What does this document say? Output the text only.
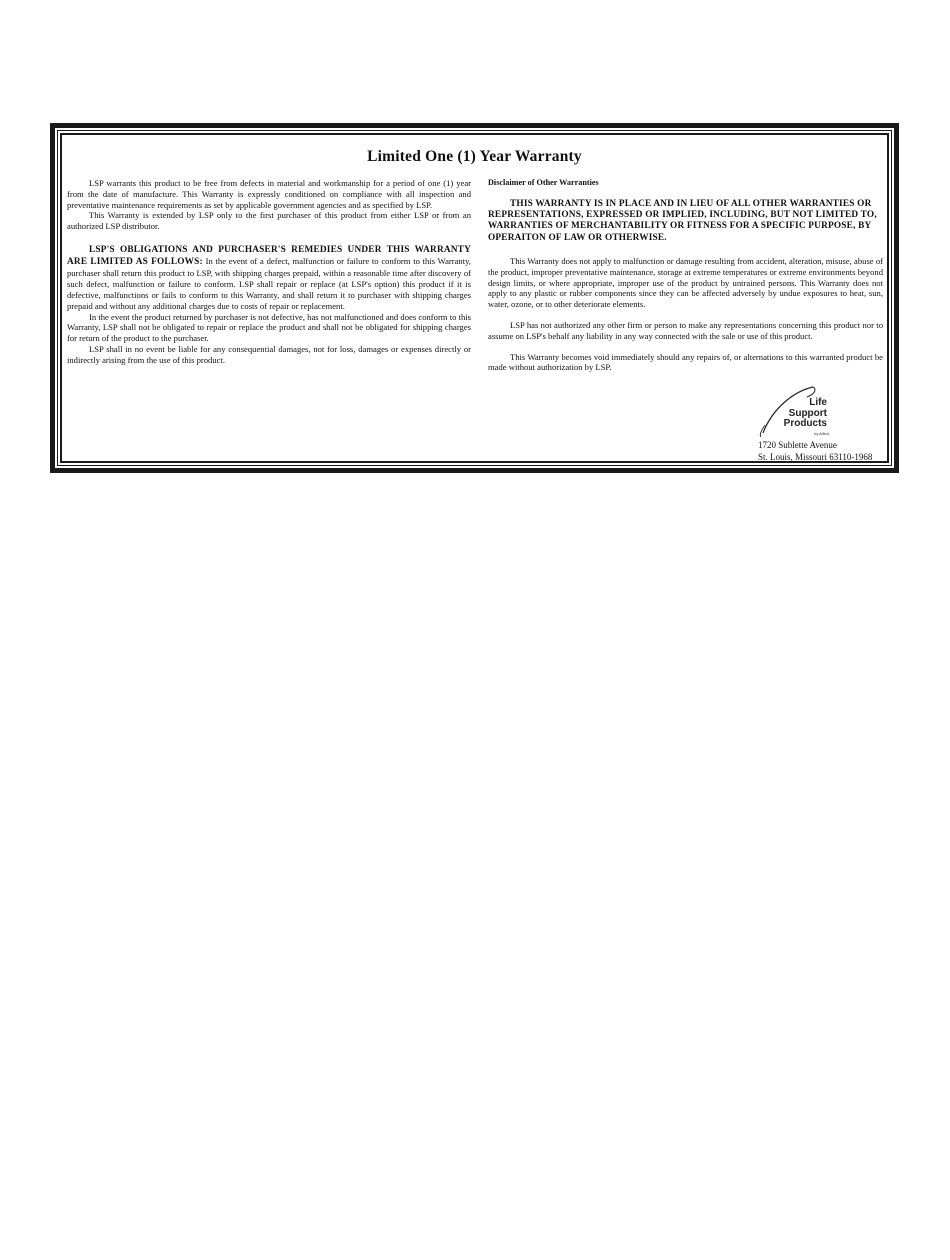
Limited One (1) Year Warranty

LSP warrants this product to be free from defects in material and workmanship for a period of one (1) year from the date of manufacture. This Warranty is expressly conditioned on compliance with all inspection and preventative maintenance requirements as set by applicable government agencies and as specified by LSP.

This Warranty is extended by LSP only to the first purchaser of this product from either LSP or from an authorized LSP distributor.

LSP'S OBLIGATIONS AND PURCHASER'S REMEDIES UNDER THIS WARRANTY ARE LIMITED AS FOLLOWS: In the event of a defect, malfunction or failure to conform to this Warranty, purchaser shall return this product to LSP, with shipping charges prepaid, within a reasonable time after discovery of such defect, malfunction or failure to conform. LSP shall repair or replace (at LSP's option) this product if it is defective, malfunctions or fails to conform to this Warranty, and shall return it to purchaser with shipping charges prepaid and without any additional charges due to costs of repair or replacement.

In the event the product returned by purchaser is not defective, has not malfunctioned and does conform to this Warranty, LSP shall not be obligated to repair or replace the product and shall not be obligated for shipping charges for return of the product to the purchaser.

LSP shall in no event be liable for any consequential damages, not for loss, damages or expenses directly or indirectly arising from the use of this product.

Disclaimer of Other Warranties

THIS WARRANTY IS IN PLACE AND IN LIEU OF ALL OTHER WARRANTIES OR REPRESENTATIONS, EXPRESSED OR IMPLIED, INCLUDING, BUT NOT LIMITED TO, WARRANTIES OF MERCHANTABILITY OR FITNESS FOR A SPECIFIC PURPOSE, BY OPERAITON OF LAW OR OTHERWISE.

This Warranty does not apply to malfunction or damage resulting from accident, alteration, misuse, abuse of the product, improper preventative maintenance, storage at extreme temperatures or extreme environments beyond design limits, or where appropriate, improper use of the product by untrained persons. This Warranty does not apply to any plastic or rubber components since they can be affected adversely by undue exposures to heat, sun, water, ozone, or to other deteriorate elements.

LSP has not authorized any other firm or person to make any representations concerning this product nor to assume on LSP's behalf any liability in any way connected with the sale or use of this product.

This Warranty becomes void immediately should any repairs of, or alternations to this warranted product be made without authorization by LSP.

Life
Support
Products
by Allied
1720 Sublette Avenue
St. Louis, Missouri 63110-1968
